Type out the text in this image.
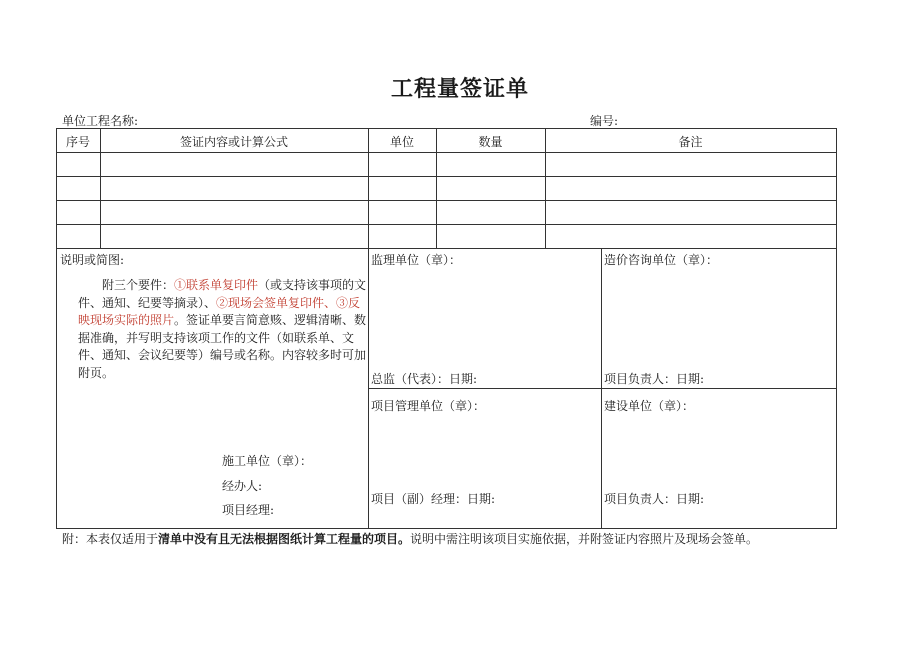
工程量签证单
单位工程名称:	编号:
序号	签证内容或计算公式	单位	数量	备注
说明或简图:
　　附三个要件：①联系单复印件（或支持该事项的文件、通知、纪要等摘录）、②现场会签单复印件、③反映现场实际的照片。签证单要言简意赅、逻辑清晰、数据准确，并写明支持该项工作的文件（如联系单、文件、通知、会议纪要等）编号或名称。内容较多时可加附页。
施工单位（章）：
经办人:
项目经理:
监理单位（章）：
总监（代表）：日期:
造价咨询单位（章）：
项目负责人：日期:
项目管理单位（章）：
项目（副）经理：日期:
建设单位（章）：
项目负责人：日期:
附：本表仅适用于清单中没有且无法根据图纸计算工程量的项目。说明中需注明该项目实施依据，并附签证内容照片及现场会签单。
